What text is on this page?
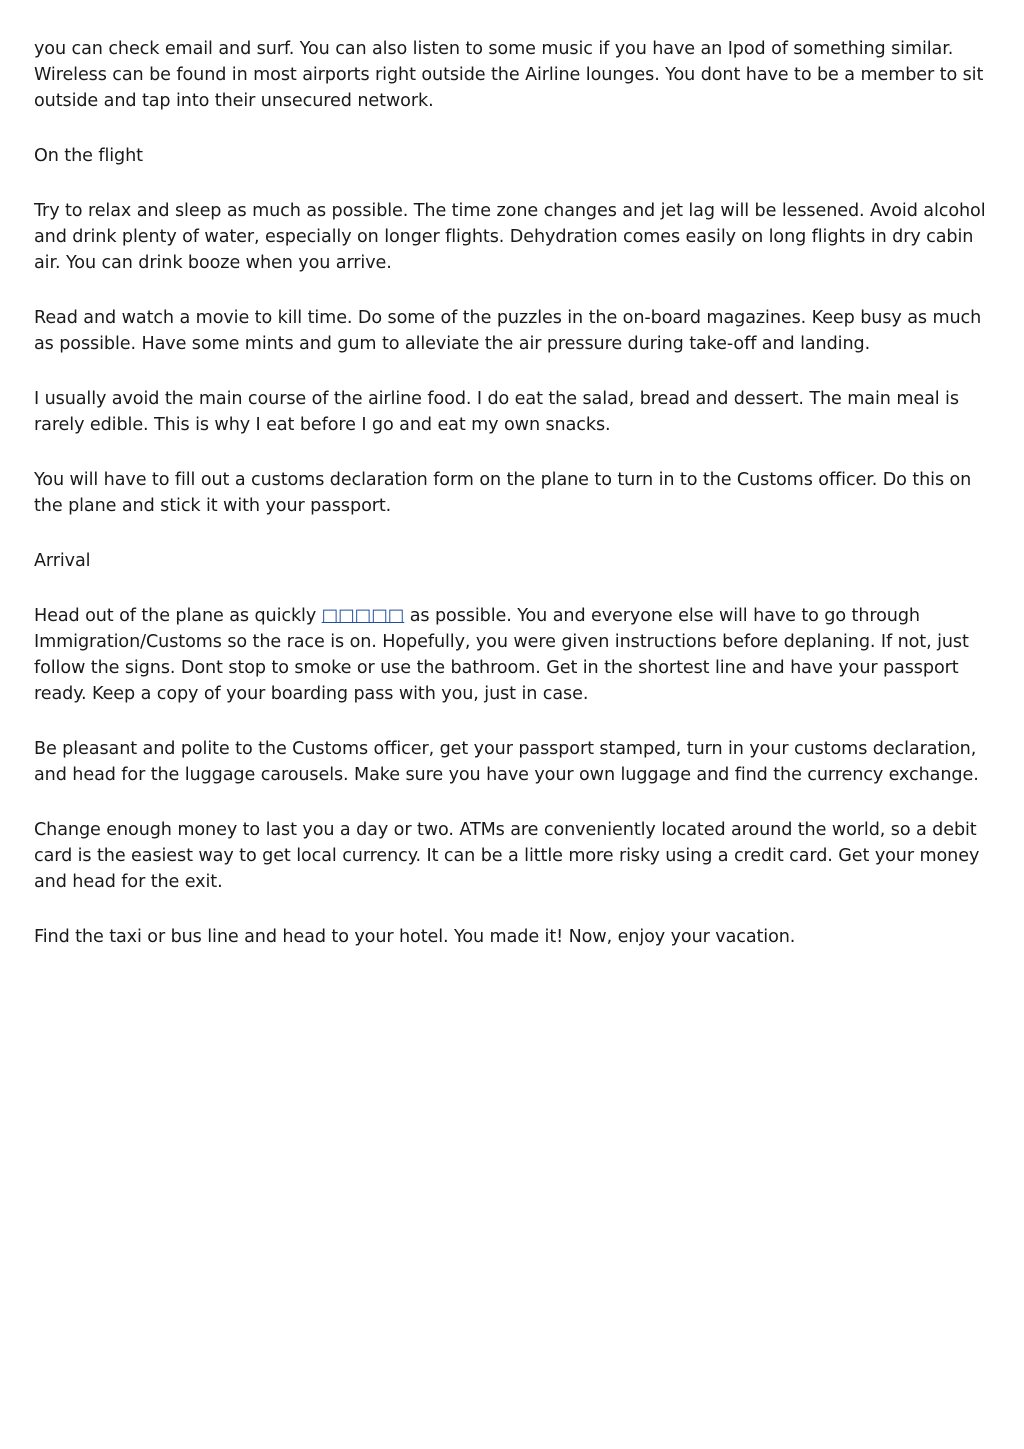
you can check email and surf. You can also listen to some music if you have an Ipod of something similar. Wireless can be found in most airports right outside the Airline lounges. You dont have to be a member to sit outside and tap into their unsecured network.

On the flight

Try to relax and sleep as much as possible. The time zone changes and jet lag will be lessened. Avoid alcohol and drink plenty of water, especially on longer flights. Dehydration comes easily on long flights in dry cabin air. You can drink booze when you arrive.

Read and watch a movie to kill time. Do some of the puzzles in the on-board magazines. Keep busy as much as possible. Have some mints and gum to alleviate the air pressure during take-off and landing.

I usually avoid the main course of the airline food. I do eat the salad, bread and dessert. The main meal is rarely edible. This is why I eat before I go and eat my own snacks.

You will have to fill out a customs declaration form on the plane to turn in to the Customs officer. Do this on the plane and stick it with your passport.

Arrival

Head out of the plane as quickly □□□□□ as possible. You and everyone else will have to go through Immigration/Customs so the race is on. Hopefully, you were given instructions before deplaning. If not, just follow the signs. Dont stop to smoke or use the bathroom. Get in the shortest line and have your passport ready. Keep a copy of your boarding pass with you, just in case.

Be pleasant and polite to the Customs officer, get your passport stamped, turn in your customs declaration, and head for the luggage carousels. Make sure you have your own luggage and find the currency exchange.

Change enough money to last you a day or two. ATMs are conveniently located around the world, so a debit card is the easiest way to get local currency. It can be a little more risky using a credit card. Get your money and head for the exit.

Find the taxi or bus line and head to your hotel. You made it! Now, enjoy your vacation.
